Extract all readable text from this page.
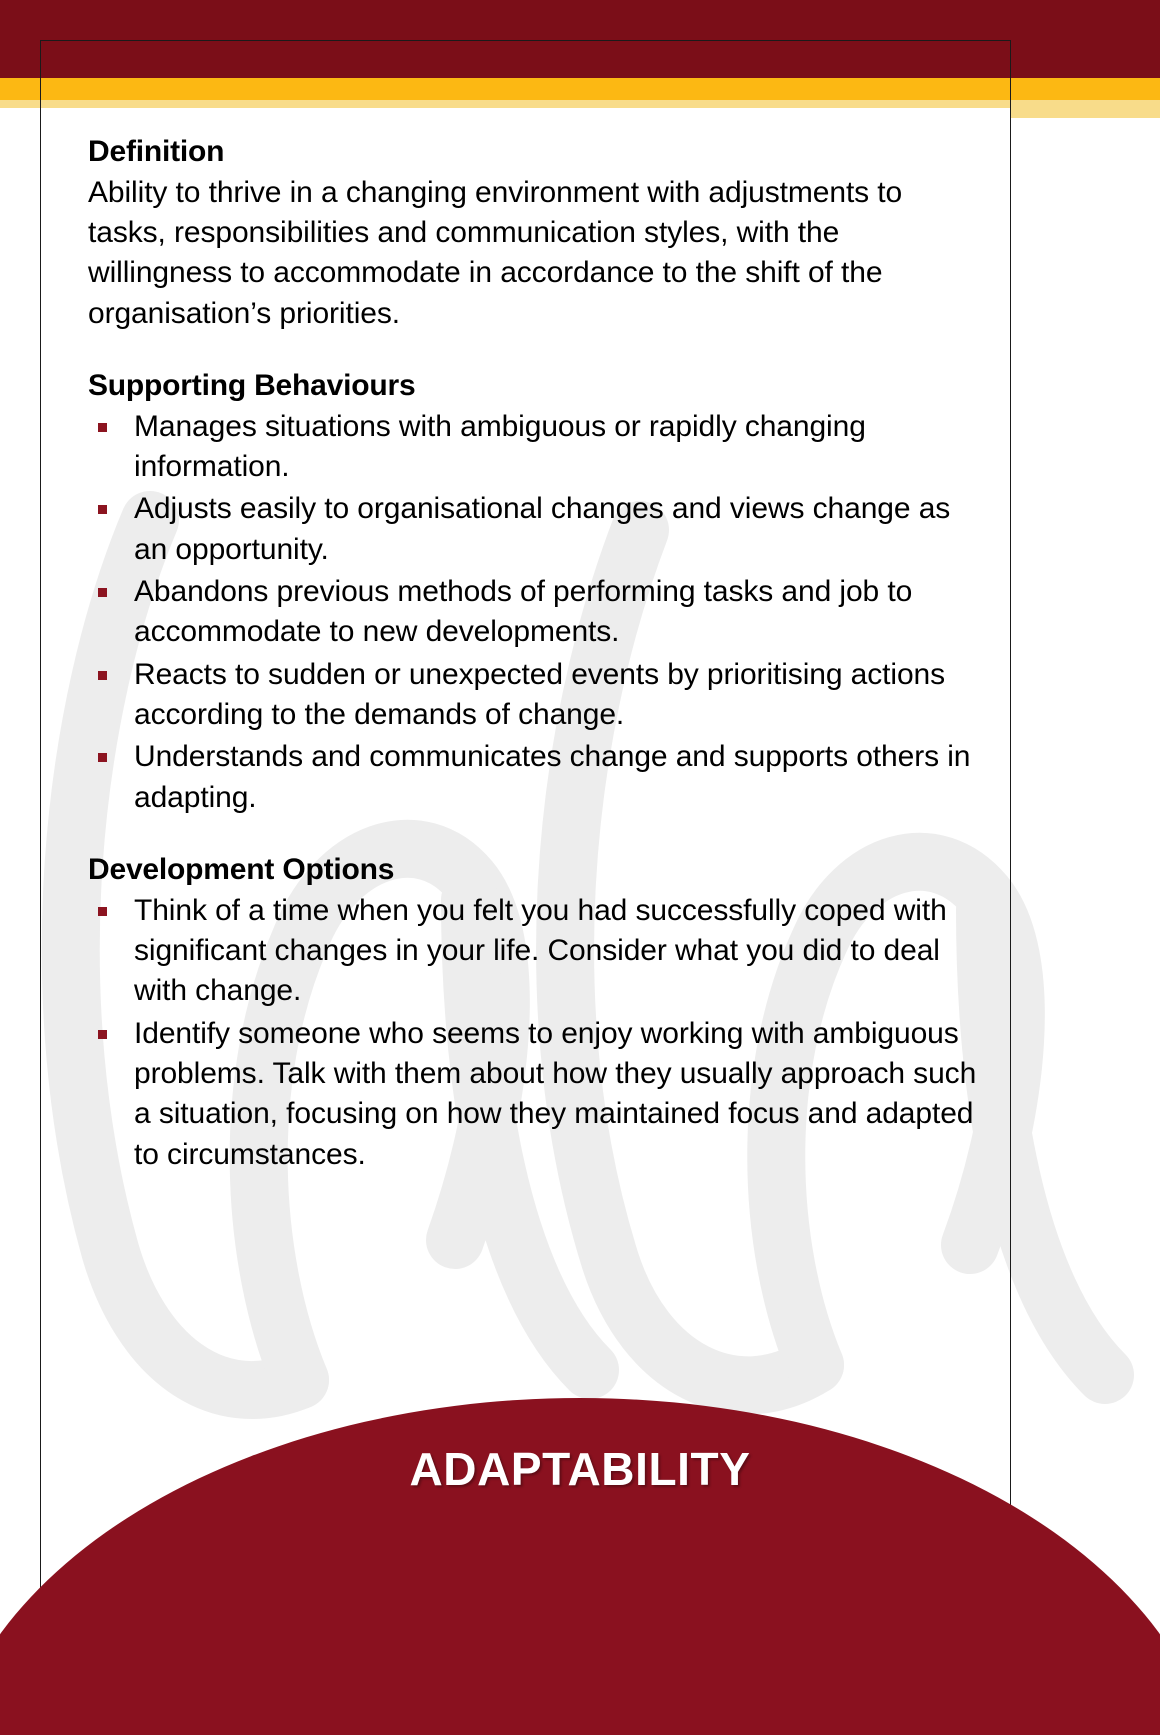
Definition

Ability to thrive in a changing environment with adjustments to tasks, responsibilities and communication styles, with the willingness to accommodate in accordance to the shift of the organisation’s priorities.

Supporting Behaviours
Manages situations with ambiguous or rapidly changing information.
Adjusts easily to organisational changes and views change as an opportunity.
Abandons previous methods of performing tasks and job to accommodate to new developments.
Reacts to sudden or unexpected events by prioritising actions according to the demands of change.
Understands and communicates change and supports others in adapting.
Development Options
Think of a time when you felt you had successfully coped with significant changes in your life. Consider what you did to deal with change.
Identify someone who seems to enjoy working with ambiguous problems. Talk with them about how they usually approach such a situation, focusing on how they maintained focus and adapted to circumstances.
ADAPTABILITY
